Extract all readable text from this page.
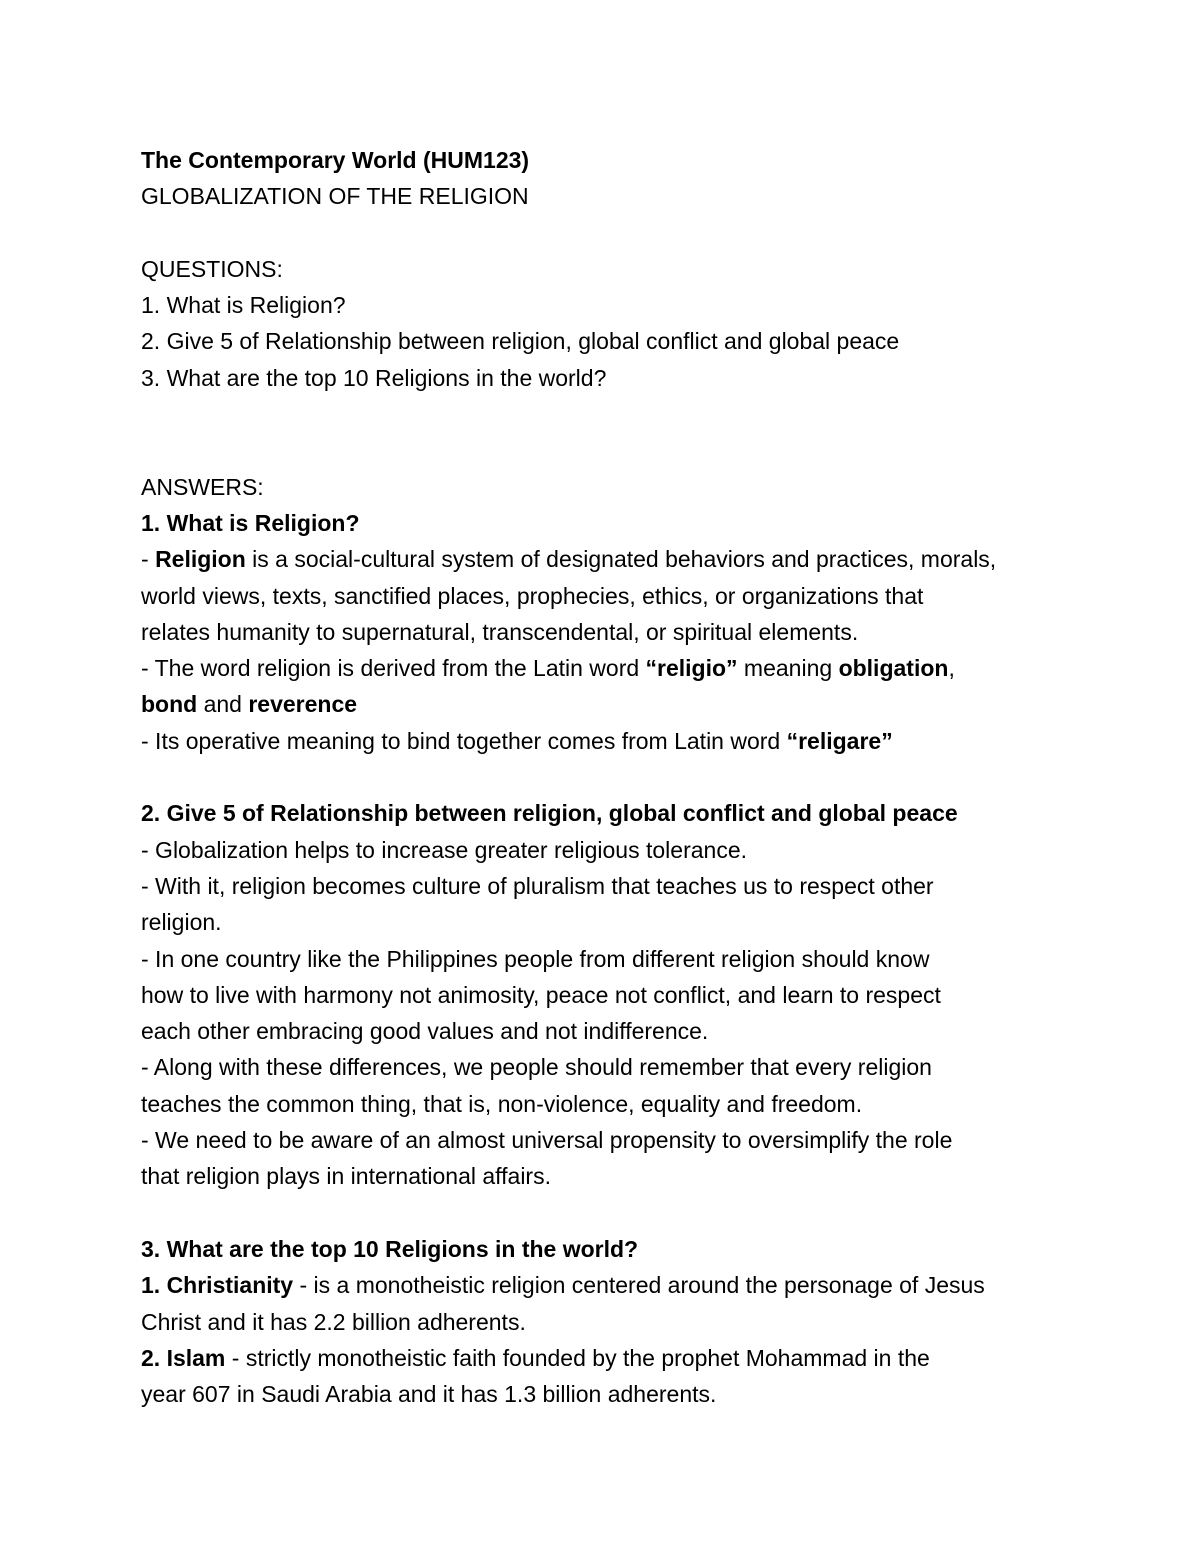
The Contemporary World (HUM123)
GLOBALIZATION OF THE RELIGION
QUESTIONS:
1. What is Religion?
2. Give 5 of Relationship between religion, global conflict and global peace
3. What are the top 10 Religions in the world?
ANSWERS:
1. What is Religion?
- Religion is a social-cultural system of designated behaviors and practices, morals,
world views, texts, sanctified places, prophecies, ethics, or organizations that
relates humanity to supernatural, transcendental, or spiritual elements.
- The word religion is derived from the Latin word “religio” meaning obligation,
bond and reverence
- Its operative meaning to bind together comes from Latin word “religare”
2. Give 5 of Relationship between religion, global conflict and global peace
- Globalization helps to increase greater religious tolerance.
- With it, religion becomes culture of pluralism that teaches us to respect other
religion.
- In one country like the Philippines people from different religion should know
how to live with harmony not animosity, peace not conflict, and learn to respect
each other embracing good values and not indifference.
- Along with these differences, we people should remember that every religion
teaches the common thing, that is, non-violence, equality and freedom.
- We need to be aware of an almost universal propensity to oversimplify the role
that religion plays in international affairs.
3. What are the top 10 Religions in the world?
1. Christianity - is a monotheistic religion centered around the personage of Jesus
Christ and it has 2.2 billion adherents.
2. Islam - strictly monotheistic faith founded by the prophet Mohammad in the
year 607 in Saudi Arabia and it has 1.3 billion adherents.
